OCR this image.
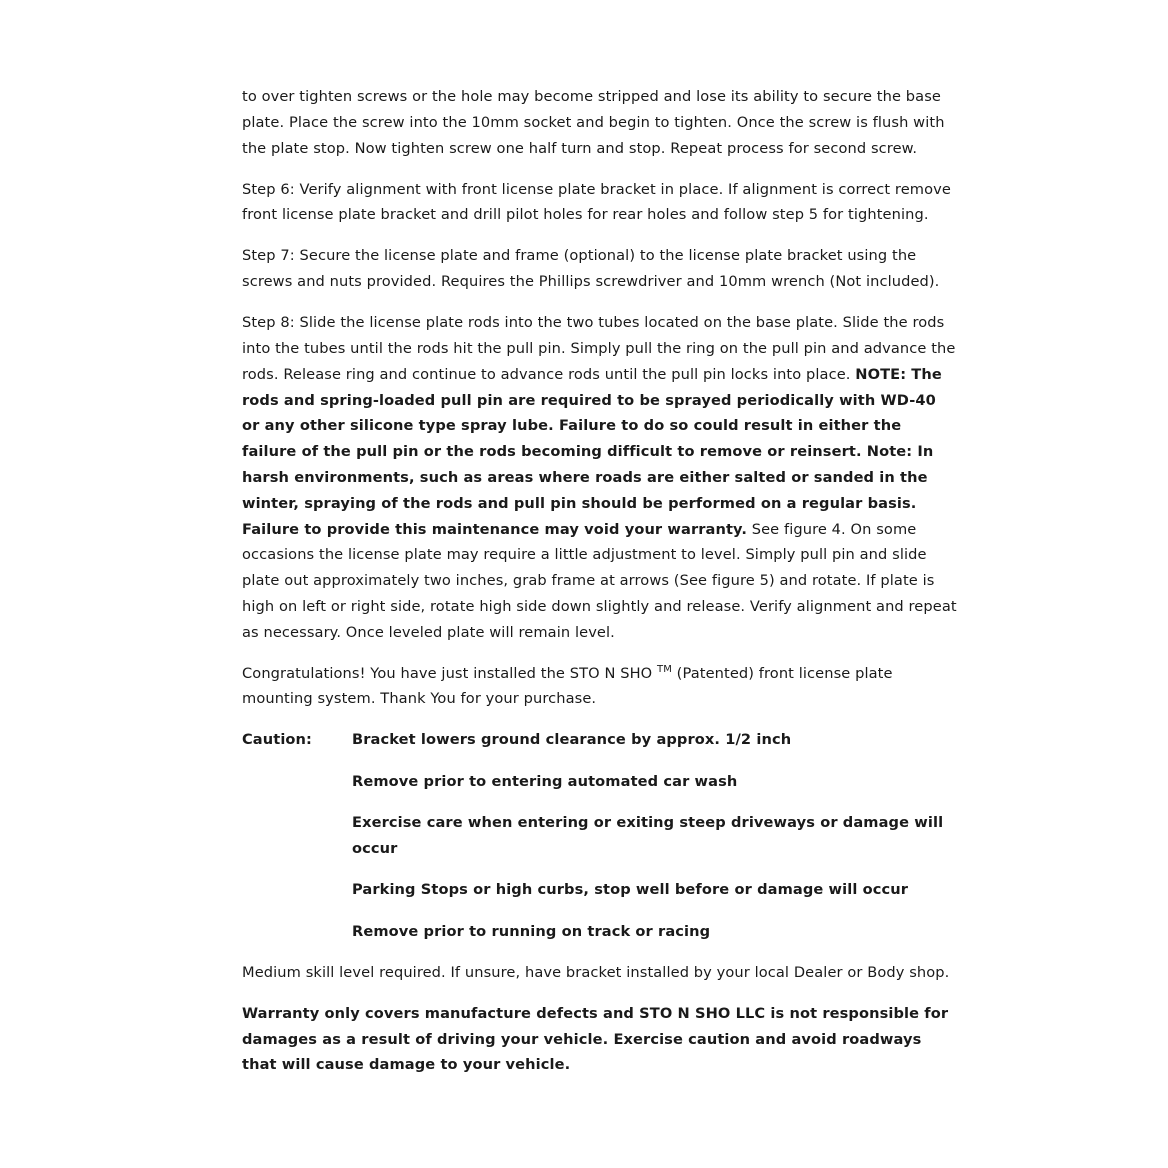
to over tighten screws or the hole may become stripped and lose its ability to secure the base plate. Place the screw into the 10mm socket and begin to tighten. Once the screw is flush with the plate stop. Now tighten screw one half turn and stop. Repeat process for second screw.

Step 6: Verify alignment with front license plate bracket in place. If alignment is correct remove front license plate bracket and drill pilot holes for rear holes and follow step 5 for tightening.

Step 7: Secure the license plate and frame (optional) to the license plate bracket using the screws and nuts provided. Requires the Phillips screwdriver and 10mm wrench (Not included).

Step 8: Slide the license plate rods into the two tubes located on the base plate. Slide the rods into the tubes until the rods hit the pull pin. Simply pull the ring on the pull pin and advance the rods. Release ring and continue to advance rods until the pull pin locks into place. NOTE: The rods and spring-loaded pull pin are required to be sprayed periodically with WD-40 or any other silicone type spray lube. Failure to do so could result in either the failure of the pull pin or the rods becoming difficult to remove or reinsert. Note: In harsh environments, such as areas where roads are either salted or sanded in the winter, spraying of the rods and pull pin should be performed on a regular basis. Failure to provide this maintenance may void your warranty. See figure 4. On some occasions the license plate may require a little adjustment to level. Simply pull pin and slide plate out approximately two inches, grab frame at arrows (See figure 5) and rotate. If plate is high on left or right side, rotate high side down slightly and release. Verify alignment and repeat as necessary. Once leveled plate will remain level.

Congratulations! You have just installed the STO N SHO ™ (Patented) front license plate mounting system. Thank You for your purchase.

Caution:	Bracket lowers ground clearance by approx. 1/2 inch
Remove prior to entering automated car wash
Exercise care when entering or exiting steep driveways or damage will occur
Parking Stops or high curbs, stop well before or damage will occur
Remove prior to running on track or racing

Medium skill level required. If unsure, have bracket installed by your local Dealer or Body shop.

Warranty only covers manufacture defects and STO N SHO LLC is not responsible for damages as a result of driving your vehicle. Exercise caution and avoid roadways that will cause damage to your vehicle.
